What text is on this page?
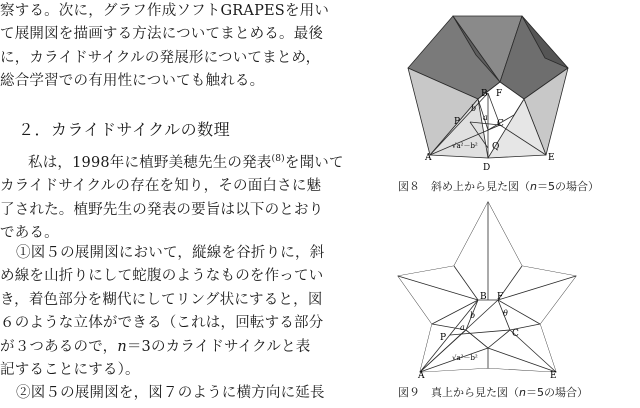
察する。次に，グラフ作成ソフトGRAPESを用い
て展開図を描画する方法についてまとめる。最後
に，カライドサイクルの発展形についてまとめ，
総合学習での有用性についても触れる。
２．カライドサイクルの数理
私は，1998年に植野美穂先生の発表$^{(8)}$を聞いて
カライドサイクルの存在を知り，その面白さに魅
了された。植野先生の発表の要旨は以下のとおり
である。
①図５の展開図において，縦線を谷折りに，斜
め線を山折りにして蛇腹のようなものを作ってい
き，着色部分を糊代にしてリング状にすると，図
６のような立体ができる（これは，回転する部分
が３つあるので，n＝3のカライドサイクルと表
記することにする）。
②図５の展開図を，図７のように横方向に延長
A
B
C
D
E
F
P
Q
a
b
√a²－b²
図８　斜め上から見た図（n＝5の場合）
B F
C
A	E
P
b
a
θ
√a²－b²
図９　真上から見た図（n＝5の場合）
